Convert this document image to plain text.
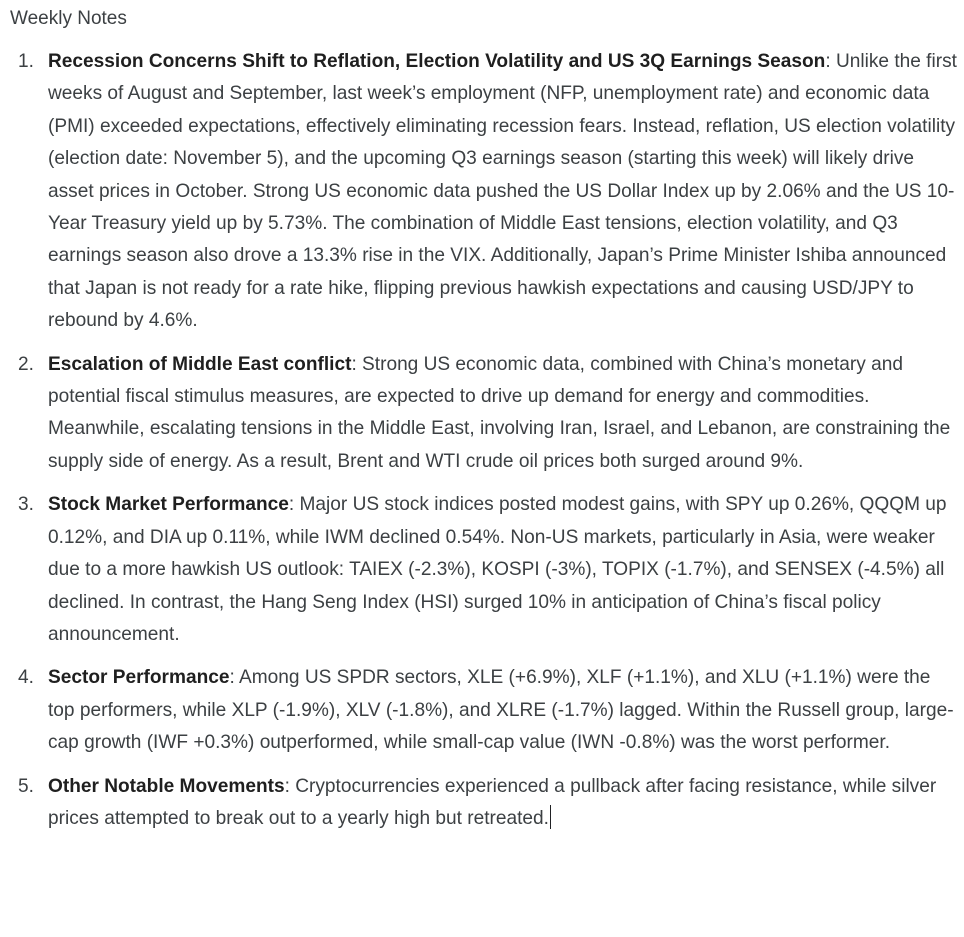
Weekly Notes
1. Recession Concerns Shift to Reflation, Election Volatility and US 3Q Earnings Season: Unlike the first weeks of August and September, last week’s employment (NFP, unemployment rate) and economic data (PMI) exceeded expectations, effectively eliminating recession fears. Instead, reflation, US election volatility (election date: November 5), and the upcoming Q3 earnings season (starting this week) will likely drive asset prices in October. Strong US economic data pushed the US Dollar Index up by 2.06% and the US 10-Year Treasury yield up by 5.73%. The combination of Middle East tensions, election volatility, and Q3 earnings season also drove a 13.3% rise in the VIX. Additionally, Japan’s Prime Minister Ishiba announced that Japan is not ready for a rate hike, flipping previous hawkish expectations and causing USD/JPY to rebound by 4.6%.
2. Escalation of Middle East conflict: Strong US economic data, combined with China’s monetary and potential fiscal stimulus measures, are expected to drive up demand for energy and commodities. Meanwhile, escalating tensions in the Middle East, involving Iran, Israel, and Lebanon, are constraining the supply side of energy. As a result, Brent and WTI crude oil prices both surged around 9%.
3. Stock Market Performance: Major US stock indices posted modest gains, with SPY up 0.26%, QQQM up 0.12%, and DIA up 0.11%, while IWM declined 0.54%. Non-US markets, particularly in Asia, were weaker due to a more hawkish US outlook: TAIEX (-2.3%), KOSPI (-3%), TOPIX (-1.7%), and SENSEX (-4.5%) all declined. In contrast, the Hang Seng Index (HSI) surged 10% in anticipation of China’s fiscal policy announcement.
4. Sector Performance: Among US SPDR sectors, XLE (+6.9%), XLF (+1.1%), and XLU (+1.1%) were the top performers, while XLP (-1.9%), XLV (-1.8%), and XLRE (-1.7%) lagged. Within the Russell group, large-cap growth (IWF +0.3%) outperformed, while small-cap value (IWN -0.8%) was the worst performer.
5. Other Notable Movements: Cryptocurrencies experienced a pullback after facing resistance, while silver prices attempted to break out to a yearly high but retreated.
